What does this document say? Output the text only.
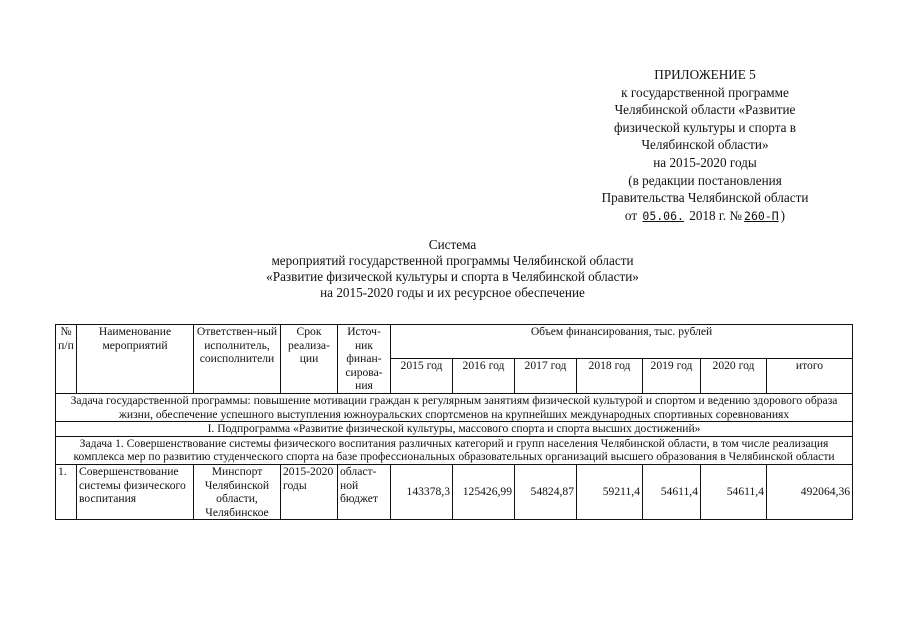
ПРИЛОЖЕНИЕ 5
к государственной программе
Челябинской области «Развитие
физической культуры и спорта в
Челябинской области»
на 2015-2020 годы
(в редакции постановления
Правительства Челябинской области
от 05.06. 2018 г. № 260-П )
Система
мероприятий государственной программы Челябинской области
«Развитие физической культуры и спорта в Челябинской области»
на 2015-2020 годы и их ресурсное обеспечение
№ п/п	Наименование мероприятий	Ответствен-ный исполнитель, соисполнители	Срок реализа-ции	Источ-ник финан-сирова-ния	Объем финансирования, тыс. рублей						
					2015 год	2016 год	2017 год	2018 год	2019 год	2020 год	итого
Задача государственной программы: повышение мотивации граждан к регулярным занятиям физической культурой и спортом и ведению здорового образа жизни, обеспечение успешного выступления южноуральских спортсменов на крупнейших международных спортивных соревнованиях											
I. Подпрограмма «Развитие физической культуры, массового спорта и спорта высших достижений»											
Задача 1. Совершенствование системы физического воспитания различных категорий и групп населения Челябинской области, в том числе реализация комплекса мер по развитию студенческого спорта на базе профессиональных образовательных организаций высшего образования в Челябинской области											
1.	Совершенствование системы физического воспитания	Минспорт Челябинской области, Челябинское	2015-2020 годы	област-ной бюджет	143378,3	125426,99	54824,87	59211,4	54611,4	54611,4	492064,36
